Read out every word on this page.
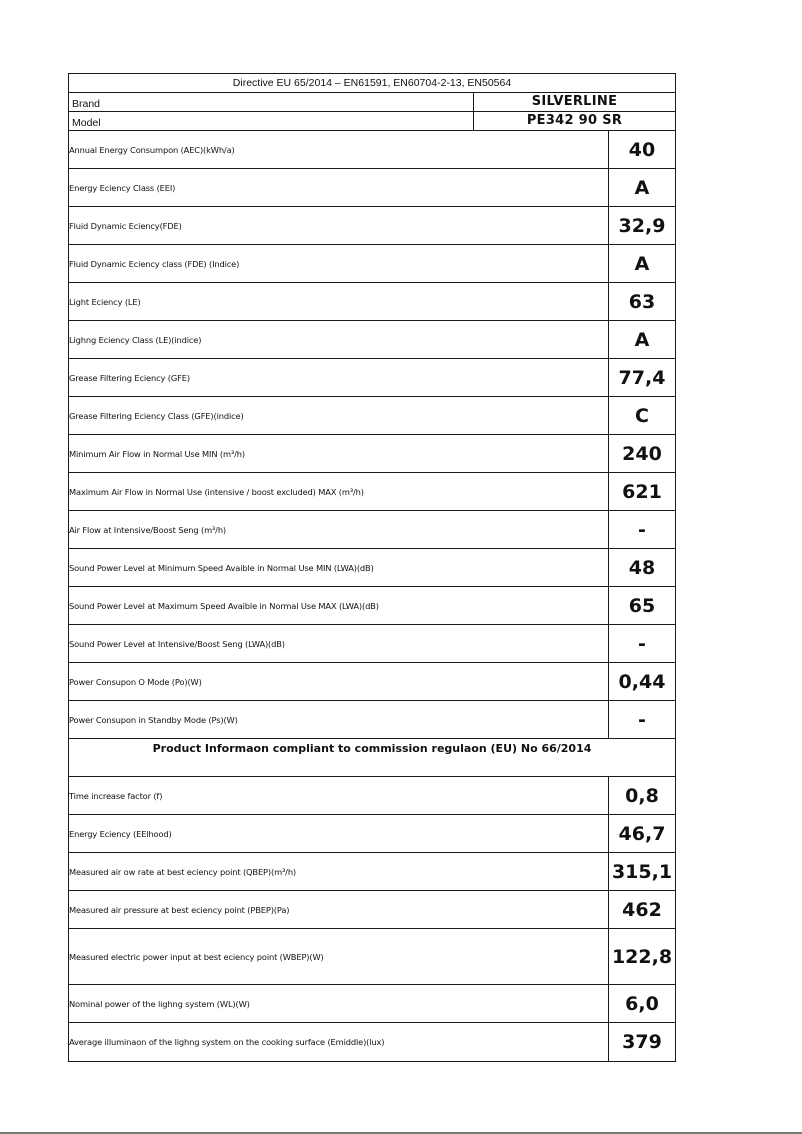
Directive EU 65/2014 – EN61591, EN60704-2-13, EN50564
Brand	SILVERLINE
Model	PE342 90 SR
Annual Energy Consumpon (AEC)(kWh/a)	40
Energy Eciency Class (EEI)	A
Fluid Dynamic Eciency(FDE)	32,9
Fluid Dynamic Eciency class (FDE) (Indice)	A
Light Eciency (LE)	63
Lighng Eciency Class (LE)(indice)	A
Grease Filtering Eciency (GFE)	77,4
Grease Filtering Eciency Class (GFE)(indice)	C
Minimum Air Flow in Normal Use MIN (m³/h)	240
Maximum Air Flow in Normal Use (intensive / boost excluded) MAX (m³/h)	621
Air Flow at Intensive/Boost Seng (m³/h)	-
Sound Power Level at Minimum Speed Avaible in Normal Use MIN (LWA)(dB)	48
Sound Power Level at Maximum Speed Avaible in Normal Use MAX (LWA)(dB)	65
Sound Power Level at Intensive/Boost Seng (LWA)(dB)	-
Power Consupon O Mode (Po)(W)	0,44
Power Consupon in Standby Mode (Ps)(W)	-
Product Informaon compliant to commission regulaon (EU) No 66/2014
Time increase factor (f)	0,8
Energy Eciency (EElhood)	46,7
Measured air ow rate at best eciency point (QBEP)(m³/h)	315,1
Measured air pressure at best eciency point (PBEP)(Pa)	462
Measured electric power input at best eciency point (WBEP)(W)	122,8
Nominal power of the lighng system (WL)(W)	6,0
Average illuminaon of the lighng system on the cooking surface (Emiddle)(lux)	379
